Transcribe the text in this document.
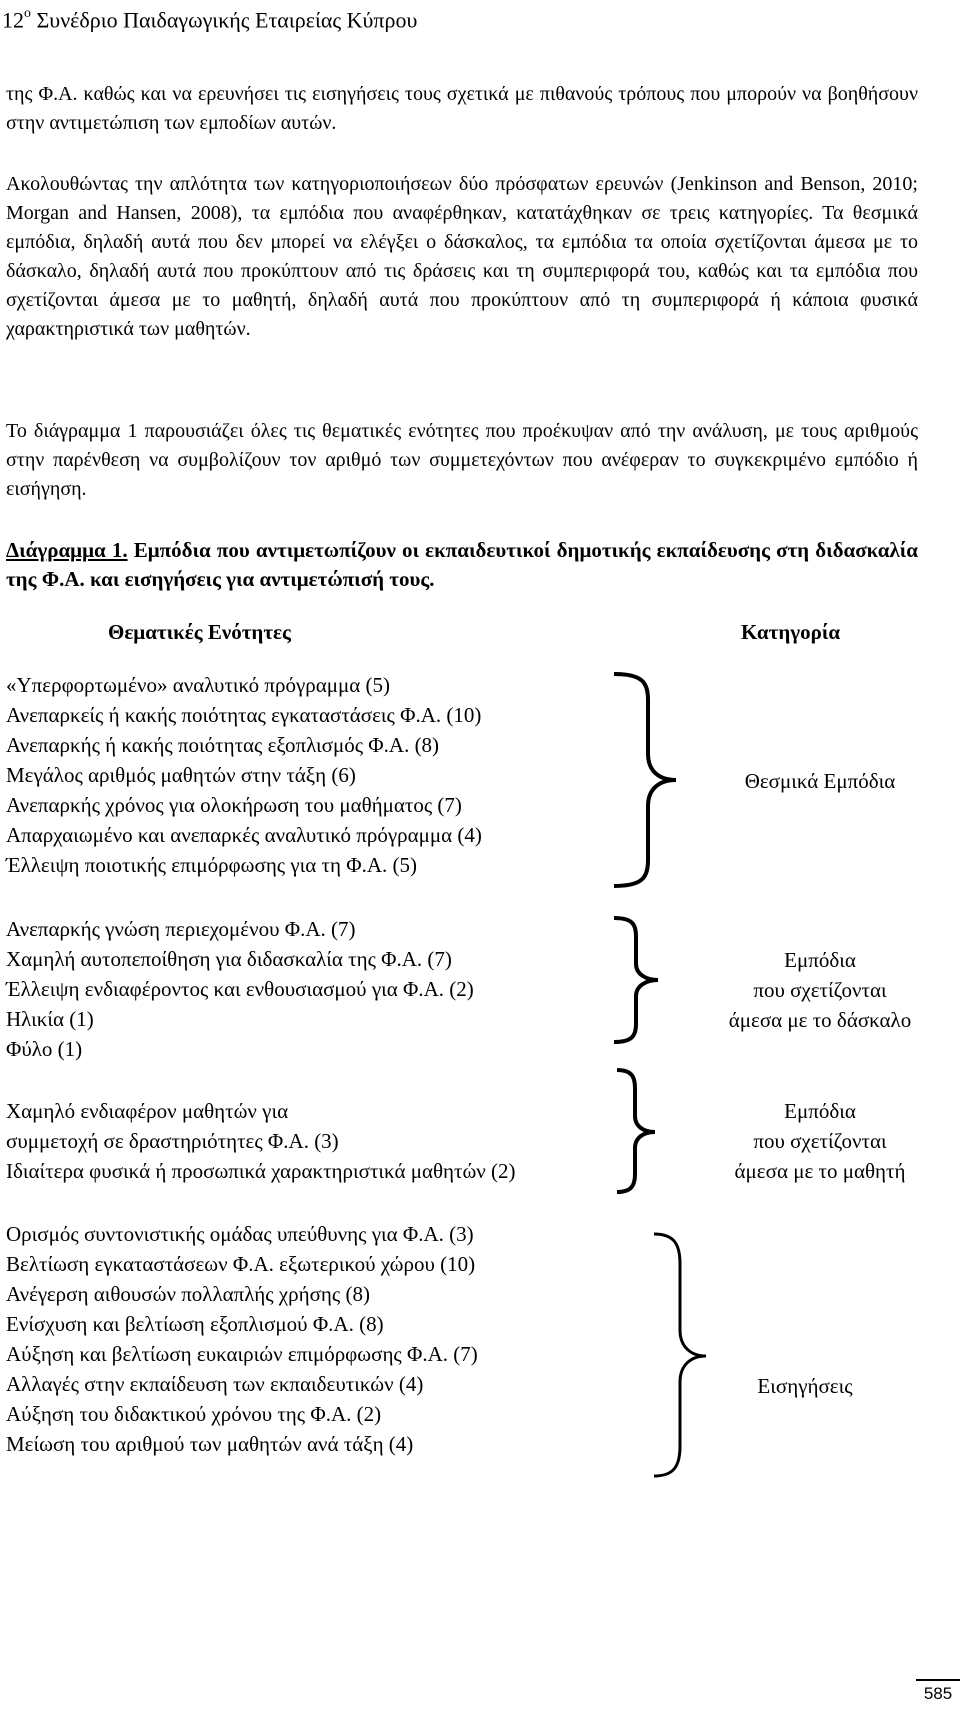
$12^o$ Συνέδριο Παιδαγωγικής Εταιρείας Κύπρου

της Φ.Α. καθώς και να ερευνήσει τις εισηγήσεις τους σχετικά με πιθανούς τρόπους που μπορούν να βοηθήσουν στην αντιμετώπιση των εμποδίων αυτών.

Ακολουθώντας την απλότητα των κατηγοριοποιήσεων δύο πρόσφατων ερευνών (Jenkinson and Benson, 2010; Morgan and Hansen, 2008), τα εμπόδια που αναφέρθηκαν, κατατάχθηκαν σε τρεις κατηγορίες. Τα θεσμικά εμπόδια, δηλαδή αυτά που δεν μπορεί να ελέγξει ο δάσκαλος, τα εμπόδια τα οποία σχετίζονται άμεσα με το δάσκαλο, δηλαδή αυτά που προκύπτουν από τις δράσεις και τη συμπεριφορά του, καθώς και τα εμπόδια που σχετίζονται άμεσα με το μαθητή, δηλαδή αυτά που προκύπτουν από τη συμπεριφορά ή κάποια φυσικά χαρακτηριστικά των μαθητών.

Το διάγραμμα 1 παρουσιάζει όλες τις θεματικές ενότητες που προέκυψαν από την ανάλυση, με τους αριθμούς στην παρένθεση να συμβολίζουν τον αριθμό των συμμετεχόντων που ανέφεραν το συγκεκριμένο εμπόδιο ή εισήγηση.

Διάγραμμα 1. Εμπόδια που αντιμετωπίζουν οι εκπαιδευτικοί δημοτικής εκπαίδευσης στη διδασκαλία της Φ.Α. και εισηγήσεις για αντιμετώπισή τους.
Θεματικές Ενότητες	Κατηγορία
«Υπερφορτωμένο» αναλυτικό πρόγραμμα (5)
Ανεπαρκείς ή κακής ποιότητας εγκαταστάσεις Φ.Α. (10)
Ανεπαρκής ή κακής ποιότητας εξοπλισμός Φ.Α. (8)
Μεγάλος αριθμός μαθητών στην τάξη (6)
Ανεπαρκής χρόνος για ολοκήρωση του μαθήματος (7)
Απαρχαιωμένο και ανεπαρκές αναλυτικό πρόγραμμα (4)
Έλλειψη ποιοτικής επιμόρφωσης για τη Φ.Α. (5)
Θεσμικά Εμπόδια
Ανεπαρκής γνώση περιεχομένου Φ.Α. (7)
Χαμηλή αυτοπεποίθηση για διδασκαλία της Φ.Α. (7)
Έλλειψη ενδιαφέροντος και ενθουσιασμού για Φ.Α. (2)
Ηλικία (1)
Φύλο (1)
Εμπόδια
που σχετίζονται
άμεσα με το δάσκαλο
Χαμηλό ενδιαφέρον μαθητών για
συμμετοχή σε δραστηριότητες Φ.Α. (3)
Ιδιαίτερα φυσικά ή προσωπικά χαρακτηριστικά μαθητών (2)
Εμπόδια
που σχετίζονται
άμεσα με το μαθητή
Ορισμός συντονιστικής ομάδας υπεύθυνης για Φ.Α. (3)
Βελτίωση εγκαταστάσεων Φ.Α. εξωτερικού χώρου (10)
Ανέγερση αιθουσών πολλαπλής χρήσης (8)
Ενίσχυση και βελτίωση εξοπλισμού Φ.Α. (8)
Αύξηση και βελτίωση ευκαιριών επιμόρφωσης Φ.Α. (7)
Αλλαγές στην εκπαίδευση των εκπαιδευτικών (4)
Αύξηση του διδακτικού χρόνου της Φ.Α. (2)
Μείωση του αριθμού των μαθητών ανά τάξη (4)
Εισηγήσεις
585
